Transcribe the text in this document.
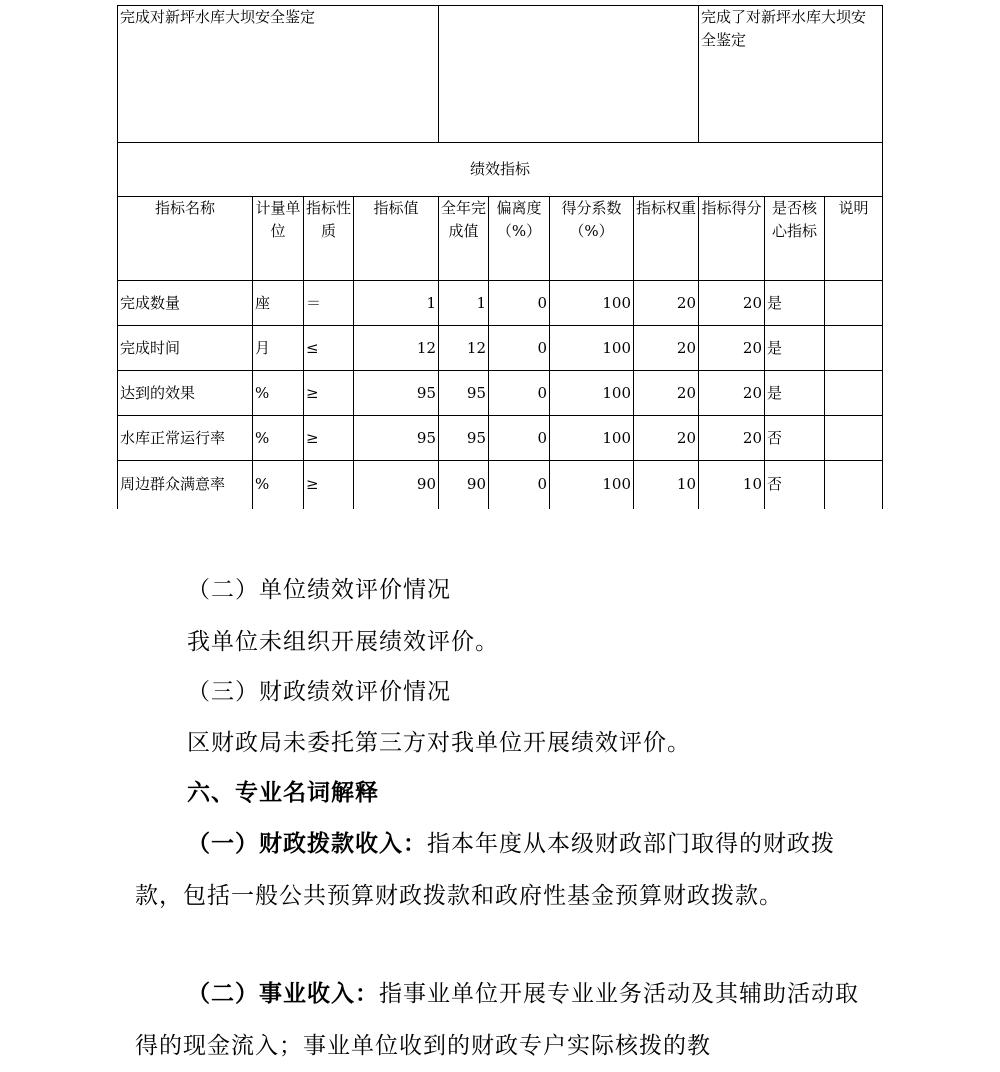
完成对新坪水库大坝安全鉴定								完成了对新坪水库大坝安全鉴定		
绩效指标										
指标名称	计量单位	指标性质	指标值	全年完成值	偏离度（%）	得分系数（%）	指标权重	指标得分	是否核心指标	说明
完成数量	座	＝	1	1	0	100	20	20	是	
完成时间	月	≤	12	12	0	100	20	20	是	
达到的效果	%	≥	95	95	0	100	20	20	是	
水库正常运行率	%	≥	95	95	0	100	20	20	否	
周边群众满意率	%	≥	90	90	0	100	10	10	否	
（二）单位绩效评价情况
我单位未组织开展绩效评价。
（三）财政绩效评价情况
区财政局未委托第三方对我单位开展绩效评价。
六、专业名词解释
（一）财政拨款收入：指本年度从本级财政部门取得的财政拨款，包括一般公共预算财政拨款和政府性基金预算财政拨款。
（二）事业收入：指事业单位开展专业业务活动及其辅助活动取得的现金流入；事业单位收到的财政专户实际核拨的教
